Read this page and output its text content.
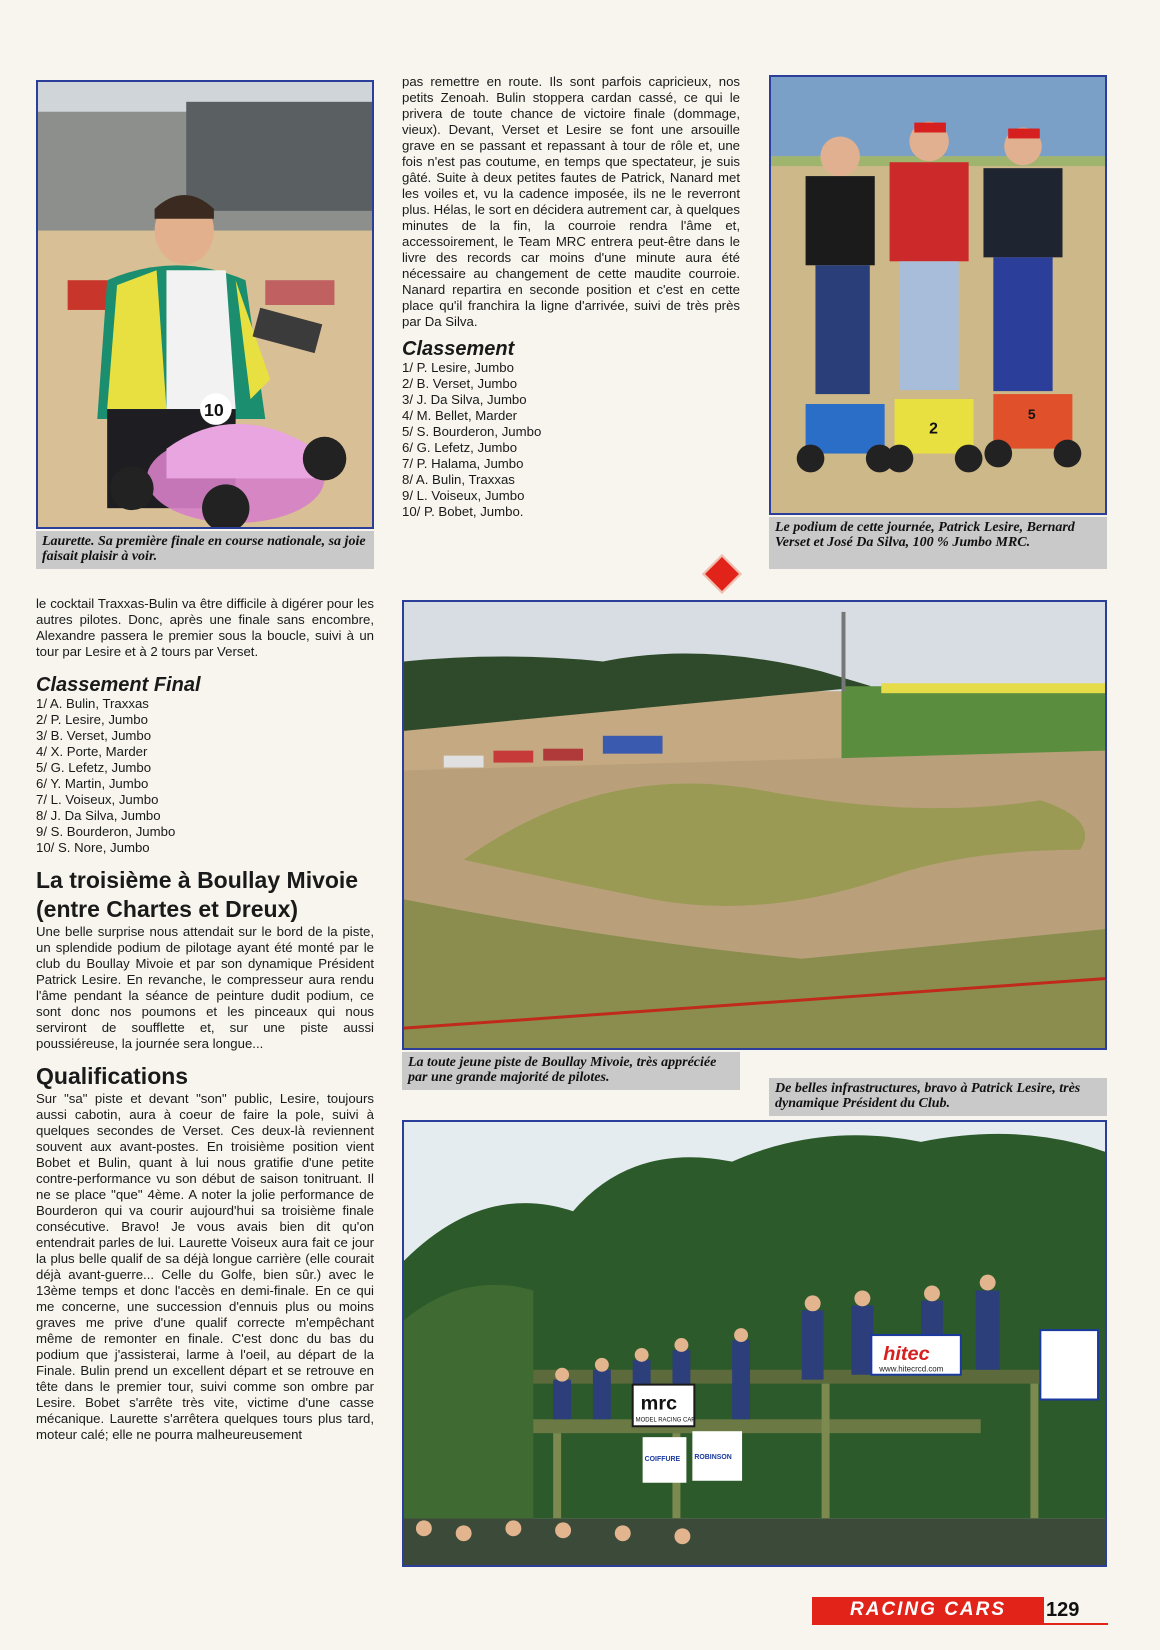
10
Laurette. Sa première finale en course nationale, sa joie faisait plaisir à voir.

pas remettre en route. Ils sont parfois capricieux, nos petits Zenoah. Bulin stoppera cardan cassé, ce qui le privera de toute chance de victoire finale (dommage, vieux). Devant, Verset et Lesire se font une arsouille grave en se passant et repassant à tour de rôle et, une fois n'est pas coutume, en temps que spectateur, je suis gâté. Suite à deux petites fautes de Patrick, Nanard met les voiles et, vu la cadence imposée, ils ne le reverront plus. Hélas, le sort en décidera autrement car, à quelques minutes de la fin, la courroie rendra l'âme et, accessoirement, le Team MRC entrera peut-être dans le livre des records car moins d'une minute aura été nécessaire au changement de cette maudite courroie. Nanard repartira en seconde position et c'est en cette place qu'il franchira la ligne d'arrivée, suivi de très près par Da Silva.

Classement

1/ P. Lesire, Jumbo
2/ B. Verset, Jumbo
3/ J. Da Silva, Jumbo
4/ M. Bellet, Marder
5/ S. Bourderon, Jumbo
6/ G. Lefetz, Jumbo
7/ P. Halama, Jumbo
8/ A. Bulin, Traxxas
9/ L. Voiseux, Jumbo
10/ P. Bobet, Jumbo.
2
5
Le podium de cette journée, Patrick Lesire, Bernard Verset et José Da Silva, 100 % Jumbo MRC.

le cocktail Traxxas-Bulin va être difficile à digérer pour les autres pilotes. Donc, après une finale sans encombre, Alexandre passera le premier sous la boucle, suivi à un tour par Lesire et à 2 tours par Verset.

Classement Final

1/ A. Bulin, Traxxas
2/ P. Lesire, Jumbo
3/ B. Verset, Jumbo
4/ X. Porte, Marder
5/ G. Lefetz, Jumbo
6/ Y. Martin, Jumbo
7/ L. Voiseux, Jumbo
8/ J. Da Silva, Jumbo
9/ S. Bourderon, Jumbo
10/ S. Nore, Jumbo

La troisième à Boullay Mivoie (entre Chartes et Dreux)

Une belle surprise nous attendait sur le bord de la piste, un splendide podium de pilotage ayant été monté par le club du Boullay Mivoie et par son dynamique Président Patrick Lesire. En revanche, le compresseur aura rendu l'âme pendant la séance de peinture dudit podium, ce sont donc nos poumons et les pinceaux qui nous serviront de soufflette et, sur une piste aussi poussiéreuse, la journée sera longue...

Qualifications

Sur "sa" piste et devant "son" public, Lesire, toujours aussi cabotin, aura à coeur de faire la pole, suivi à quelques secondes de Verset. Ces deux-là reviennent souvent aux avant-postes. En troisième position vient Bobet et Bulin, quant à lui nous gratifie d'une petite contre-performance vu son début de saison tonitruant. Il ne se place "que" 4ème. A noter la jolie performance de Bourderon qui va courir aujourd'hui sa troisième finale consécutive. Bravo! Je vous avais bien dit qu'on entendrait parles de lui. Laurette Voiseux aura fait ce jour la plus belle qualif de sa déjà longue carrière (elle courait déjà avant-guerre... Celle du Golfe, bien sûr.) avec le 13ème temps et donc l'accès en demi-finale. En ce qui me concerne, une succession d'ennuis plus ou moins graves me prive d'une qualif correcte m'empêchant même de remonter en finale. C'est donc du bas du podium que j'assisterai, larme à l'oeil, au départ de la Finale. Bulin prend un excellent départ et se retrouve en tête dans le premier tour, suivi comme son ombre par Lesire. Bobet s'arrête très vite, victime d'une casse mécanique. Laurette s'arrêtera quelques tours plus tard, moteur calé; elle ne pourra malheureusement

La toute jeune piste de Boullay Mivoie, très appréciée par une grande majorité de pilotes.
De belles infrastructures, bravo à Patrick Lesire, très dynamique Président du Club.
hitec
www.hitecrcd.com
mrc
MODEL RACING CAR
COIFFURE ROBINSON
RACING CARS	129
